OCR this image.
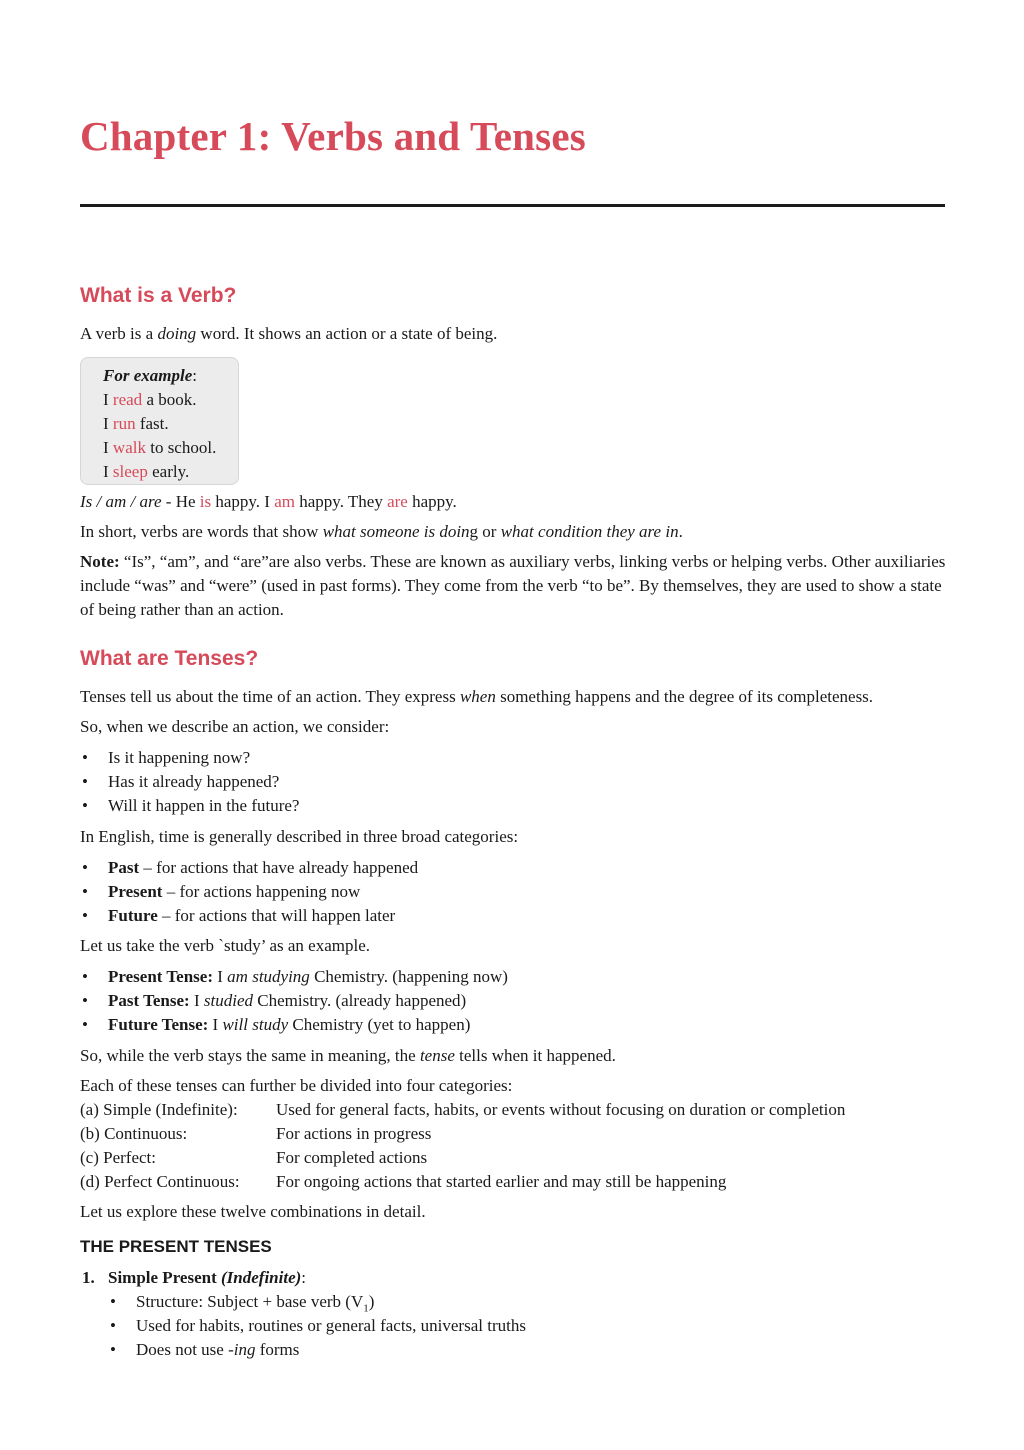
Chapter 1: Verbs and Tenses
What is a Verb?

A verb is a doing word. It shows an action or a state of being.

For example:
I read a book.
I run fast.
I walk to school.
I sleep early.

Is / am / are - He is happy. I am happy. They are happy.

In short, verbs are words that show what someone is doing or what condition they are in.

Note: “Is”, “am”, and “are”are also verbs. These are known as auxiliary verbs, linking verbs or helping verbs. Other auxiliaries include “was” and “were” (used in past forms). They come from the verb “to be”. By themselves, they are used to show a state of being rather than an action.

What are Tenses?

Tenses tell us about the time of an action. They express when something happens and the degree of its completeness.

So, when we describe an action, we consider:

• Is it happening now?
• Has it already happened?
• Will it happen in the future?

In English, time is generally described in three broad categories:

• Past – for actions that have already happened
• Present – for actions happening now
• Future – for actions that will happen later

Let us take the verb `study’ as an example.

• Present Tense: I am studying Chemistry. (happening now)
• Past Tense: I studied Chemistry. (already happened)
• Future Tense: I will study Chemistry (yet to happen)

So, while the verb stays the same in meaning, the tense tells when it happened.

Each of these tenses can further be divided into four categories:

(a) Simple (Indefinite): Used for general facts, habits, or events without focusing on duration or completion
(b) Continuous:	For actions in progress
(c) Perfect:	For completed actions
(d) Perfect Continuous: For ongoing actions that started earlier and may still be happening

Let us explore these twelve combinations in detail.

THE PRESENT TENSES
1. Simple Present (Indefinite):
• Structure: Subject + base verb $(V_1)$
• Used for habits, routines or general facts, universal truths
• Does not use -ing forms
